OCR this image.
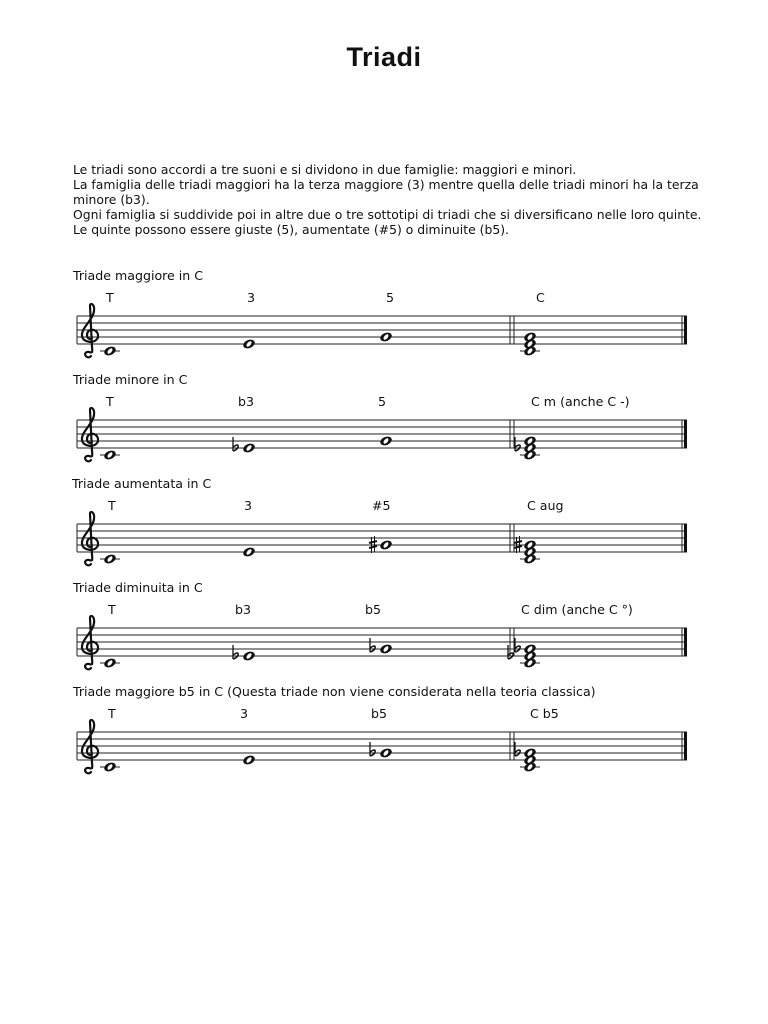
Triadi

Le triadi sono accordi a tre suoni e si dividono in due famiglie: maggiori e minori.

La famiglia delle triadi maggiori ha la terza maggiore (3) mentre quella delle triadi minori ha la terza minore (b3).

Ogni famiglia si suddivide poi in altre due o tre sottotipi di triadi che si diversificano nelle loro quinte. Le quinte possono essere giuste (5), aumentate (#5) o diminuite (b5).

Triade maggiore in C
T	3	5	C
Triade minore in C
T	b3	5	C m (anche C -)
Triade aumentata in C
T	3	#5	C aug
Triade diminuita in C
T	b3	b5	C dim (anche C °)
Triade maggiore b5 in C (Questa triade non viene considerata nella teoria classica)
T	3	b5	C b5
